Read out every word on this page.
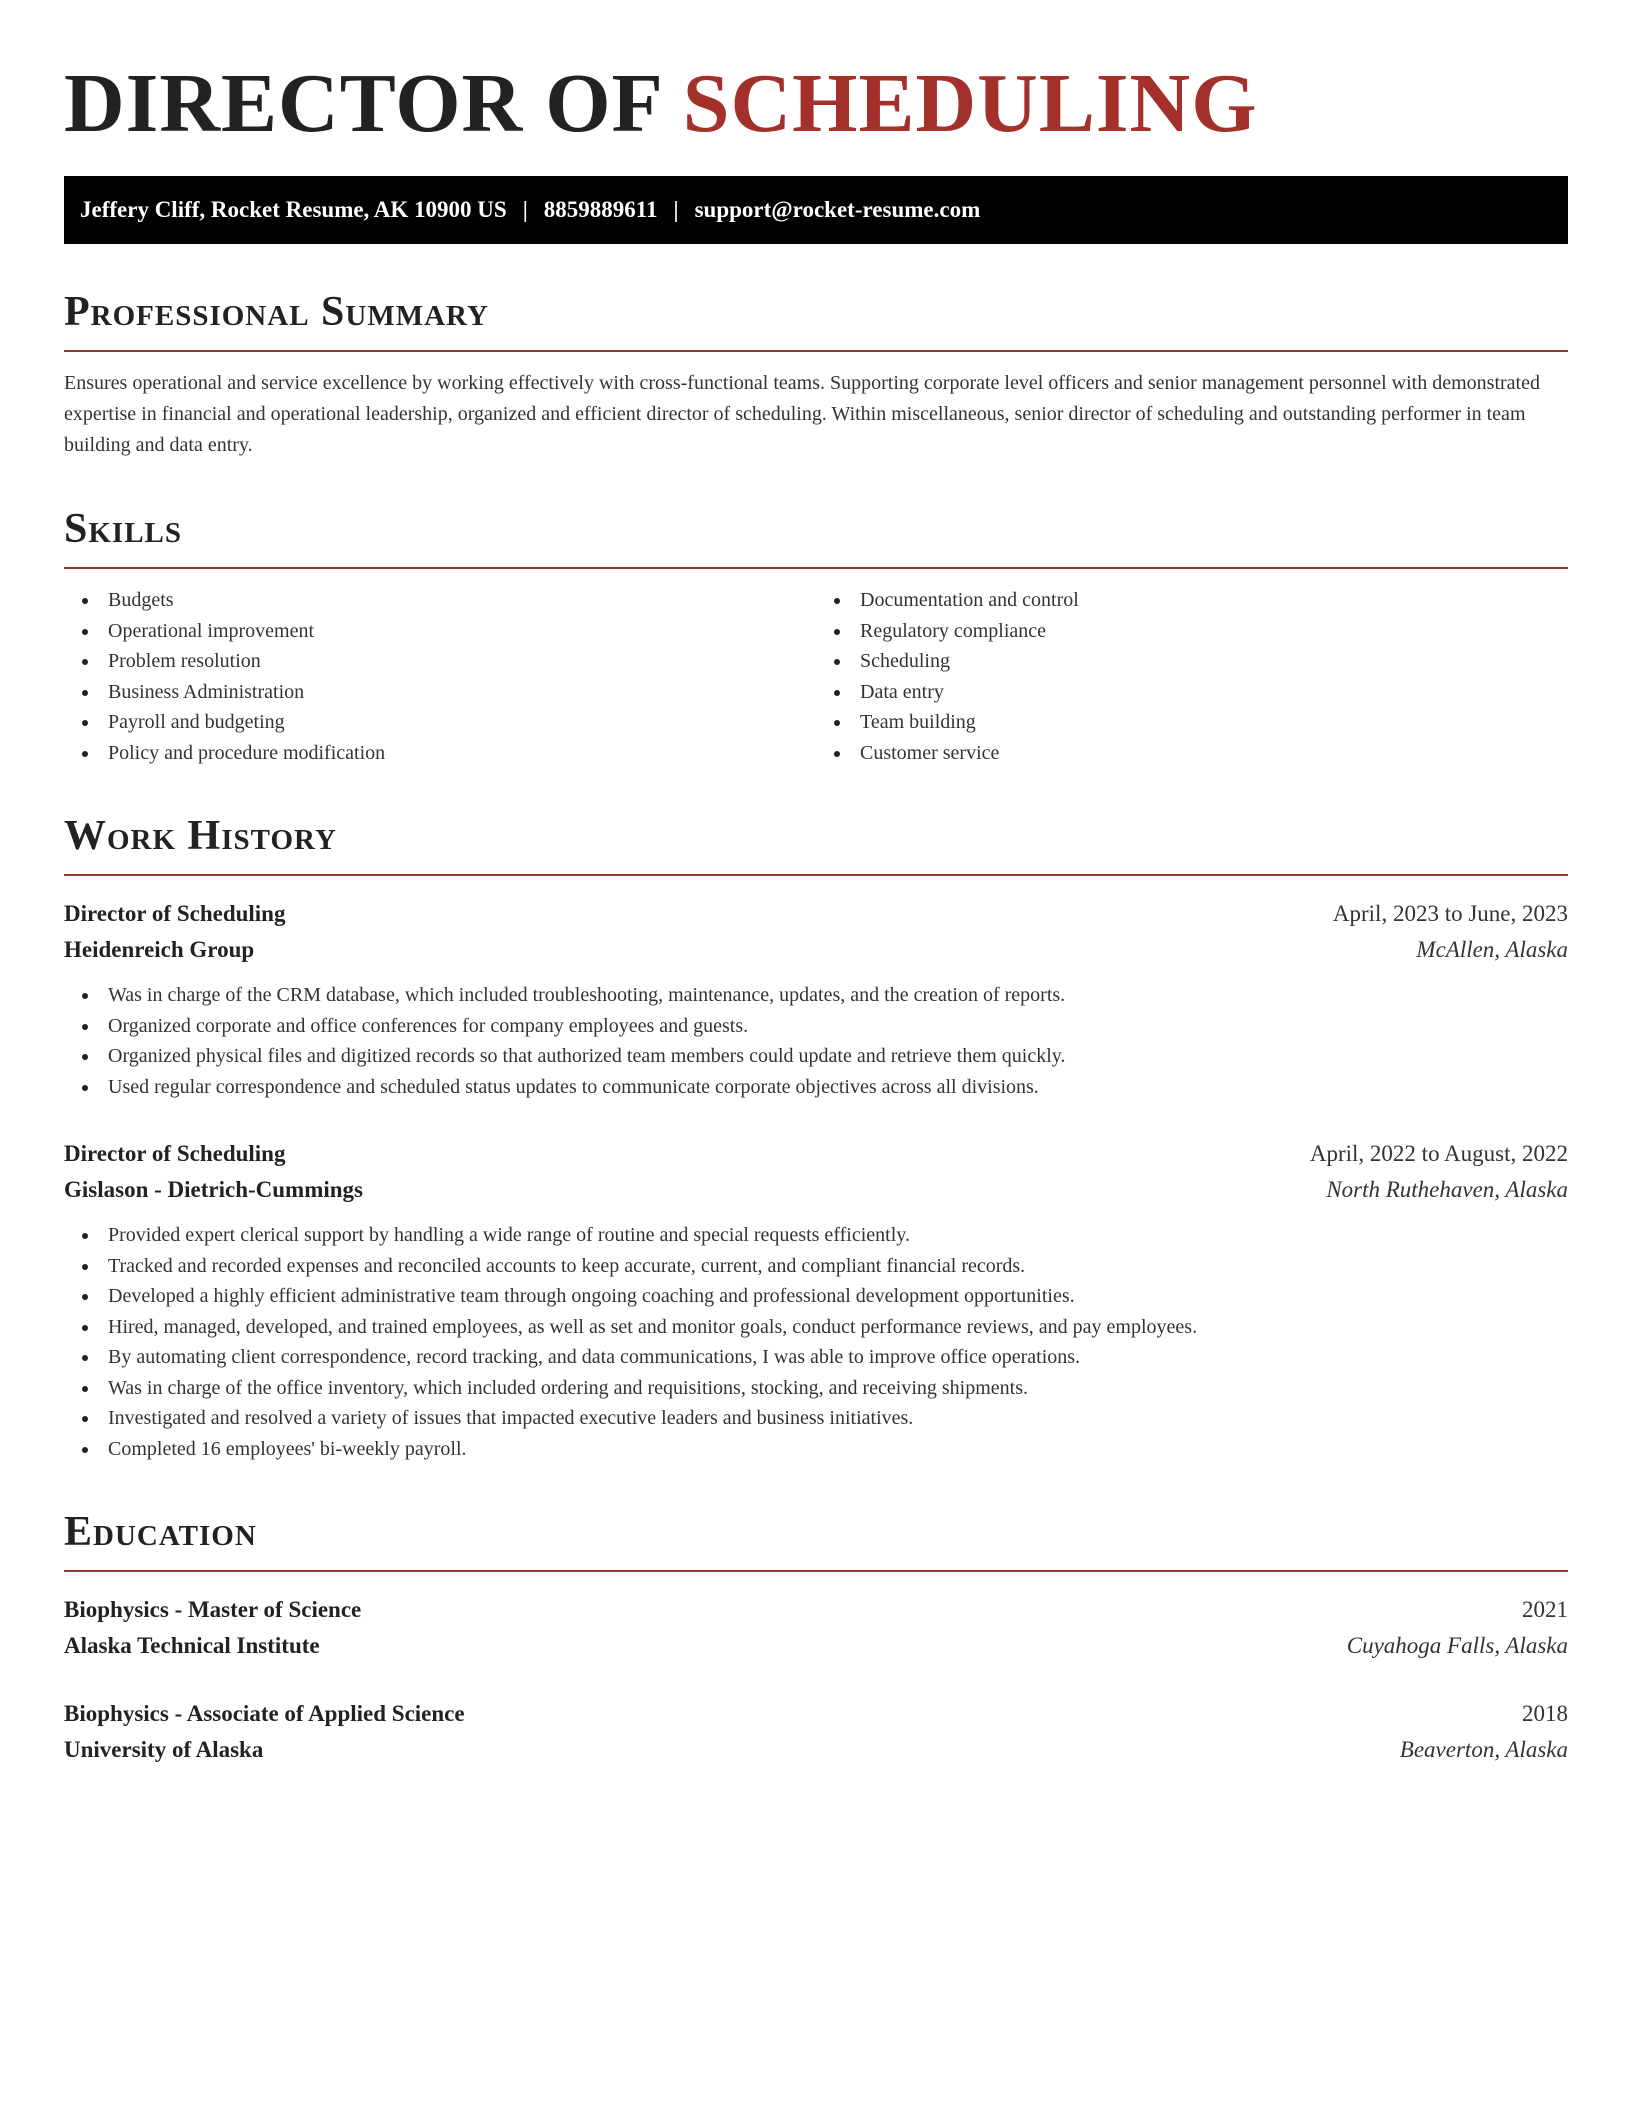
DIRECTOR OF SCHEDULING
Jeffery Cliff, Rocket Resume, AK 10900 US | 8859889611 | support@rocket-resume.com
Professional Summary

Ensures operational and service excellence by working effectively with cross-functional teams. Supporting corporate level officers and senior management personnel with demonstrated expertise in financial and operational leadership, organized and efficient director of scheduling. Within miscellaneous, senior director of scheduling and outstanding performer in team building and data entry.

Skills
Budgets
Operational improvement
Problem resolution
Business Administration
Payroll and budgeting
Policy and procedure modification
Documentation and control
Regulatory compliance
Scheduling
Data entry
Team building
Customer service
Work History
Director of Scheduling	April, 2023 to June, 2023
Heidenreich Group	McAllen, Alaska
Was in charge of the CRM database, which included troubleshooting, maintenance, updates, and the creation of reports.
Organized corporate and office conferences for company employees and guests.
Organized physical files and digitized records so that authorized team members could update and retrieve them quickly.
Used regular correspondence and scheduled status updates to communicate corporate objectives across all divisions.
Director of Scheduling	April, 2022 to August, 2022
Gislason - Dietrich-Cummings	North Ruthehaven, Alaska
Provided expert clerical support by handling a wide range of routine and special requests efficiently.
Tracked and recorded expenses and reconciled accounts to keep accurate, current, and compliant financial records.
Developed a highly efficient administrative team through ongoing coaching and professional development opportunities.
Hired, managed, developed, and trained employees, as well as set and monitor goals, conduct performance reviews, and pay employees.
By automating client correspondence, record tracking, and data communications, I was able to improve office operations.
Was in charge of the office inventory, which included ordering and requisitions, stocking, and receiving shipments.
Investigated and resolved a variety of issues that impacted executive leaders and business initiatives.
Completed 16 employees' bi-weekly payroll.
Education
Biophysics - Master of Science	2021
Alaska Technical Institute	Cuyahoga Falls, Alaska
Biophysics - Associate of Applied Science	2018
University of Alaska	Beaverton, Alaska
